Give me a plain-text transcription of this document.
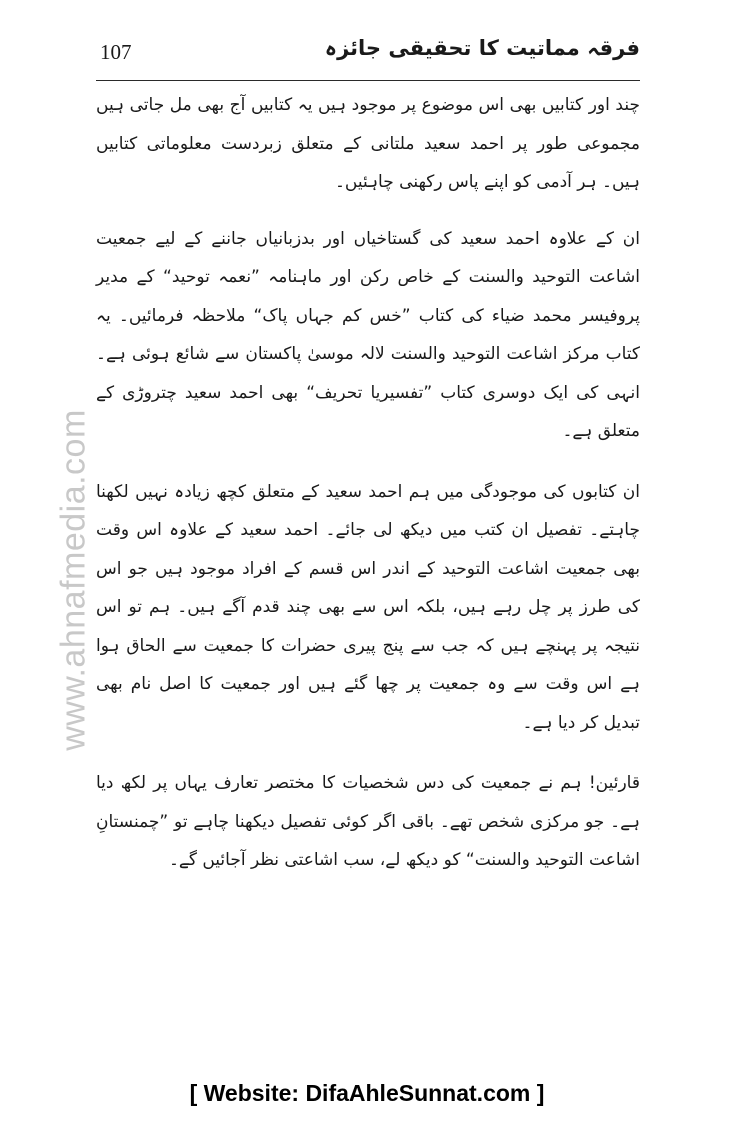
107	فرقہ مماتیت کا تحقیقی جائزہ
www.ahnafmedia.com

چند اور کتابیں بھی اس موضوع پر موجود ہیں یہ کتابیں آج بھی مل جاتی ہیں مجموعی طور پر احمد سعید ملتانی کے متعلق زبردست معلوماتی کتابیں ہیں۔ ہر آدمی کو اپنے پاس رکھنی چاہئیں۔

ان کے علاوہ احمد سعید کی گستاخیاں اور بدزبانیاں جاننے کے لیے جمعیت اشاعت التوحید والسنت کے خاص رکن اور ماہنامہ ”نعمہ توحید“ کے مدیر پروفیسر محمد ضیاء کی کتاب ”خس کم جہاں پاک“ ملاحظہ فرمائیں۔ یہ کتاب مرکز اشاعت التوحید والسنت لالہ موسیٰ پاکستان سے شائع ہوئی ہے۔ انہی کی ایک دوسری کتاب ”تفسیریا تحریف“ بھی احمد سعید چتروڑی کے متعلق ہے۔

ان کتابوں کی موجودگی میں ہم احمد سعید کے متعلق کچھ زیادہ نہیں لکھنا چاہتے۔ تفصیل ان کتب میں دیکھ لی جائے۔ احمد سعید کے علاوہ اس وقت بھی جمعیت اشاعت التوحید کے اندر اس قسم کے افراد موجود ہیں جو اس کی طرز پر چل رہے ہیں، بلکہ اس سے بھی چند قدم آگے ہیں۔ ہم تو اس نتیجہ پر پہنچے ہیں کہ جب سے پنج پیری حضرات کا جمعیت سے الحاق ہوا ہے اس وقت سے وہ جمعیت پر چھا گئے ہیں اور جمعیت کا اصل نام بھی تبدیل کر دیا ہے۔

قارئین! ہم نے جمعیت کی دس شخصیات کا مختصر تعارف یہاں پر لکھ دیا ہے۔ جو مرکزی شخص تھے۔ باقی اگر کوئی تفصیل دیکھنا چاہے تو ”چمنستانِ اشاعت التوحید والسنت“ کو دیکھ لے، سب اشاعتی نظر آجائیں گے۔

[ Website: DifaAhleSunnat.com ]
